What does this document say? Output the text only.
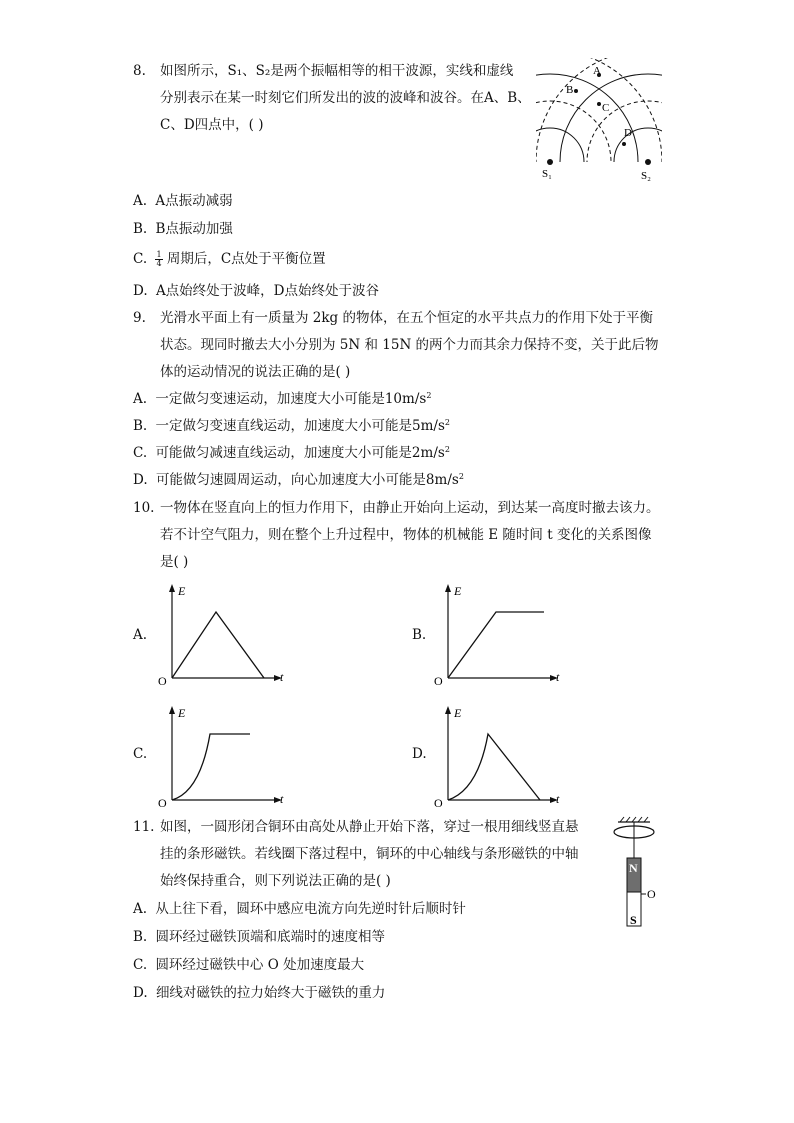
8. 如图所示，S₁、S₂是两个振幅相等的相干波源，实线和虚线
分别表示在某一时刻它们所发出的波的波峰和波谷。在A、B、
C、D四点中，( )
A
B
C
D
S₁	S₂
A. A点振动减弱
B. B点振动加强
C. $\frac{1}{4}$ 周期后，C点处于平衡位置
D. A点始终处于波峰，D点始终处于波谷
9. 光滑水平面上有一质量为 2kg 的物体，在五个恒定的水平共点力的作用下处于平衡
状态。现同时撤去大小分别为 5N 和 15N 的两个力而其余力保持不变，关于此后物
体的运动情况的说法正确的是( )
A. 一定做匀变速运动，加速度大小可能是$10m/s^2$
B. 一定做匀变速直线运动，加速度大小可能是$5m/s^2$
C. 可能做匀减速直线运动，加速度大小可能是$2m/s^2$
D. 可能做匀速圆周运动，向心加速度大小可能是$8m/s^2$
10. 一物体在竖直向上的恒力作用下，由静止开始向上运动，到达某一高度时撤去该力。
若不计空气阻力，则在整个上升过程中，物体的机械能 E 随时间 t 变化的关系图像
是( )
A.
E
t
O
B.
E
t
O
C.
E
t
O
D.
E
t
O
11. 如图，一圆形闭合铜环由高处从静止开始下落，穿过一根用细线竖直悬
挂的条形磁铁。若线圈下落过程中，铜环的中心轴线与条形磁铁的中轴
始终保持重合，则下列说法正确的是( )
N
S
O
A. 从上往下看，圆环中感应电流方向先逆时针后顺时针
B. 圆环经过磁铁顶端和底端时的速度相等
C. 圆环经过磁铁中心 O 处加速度最大
D. 细线对磁铁的拉力始终大于磁铁的重力
